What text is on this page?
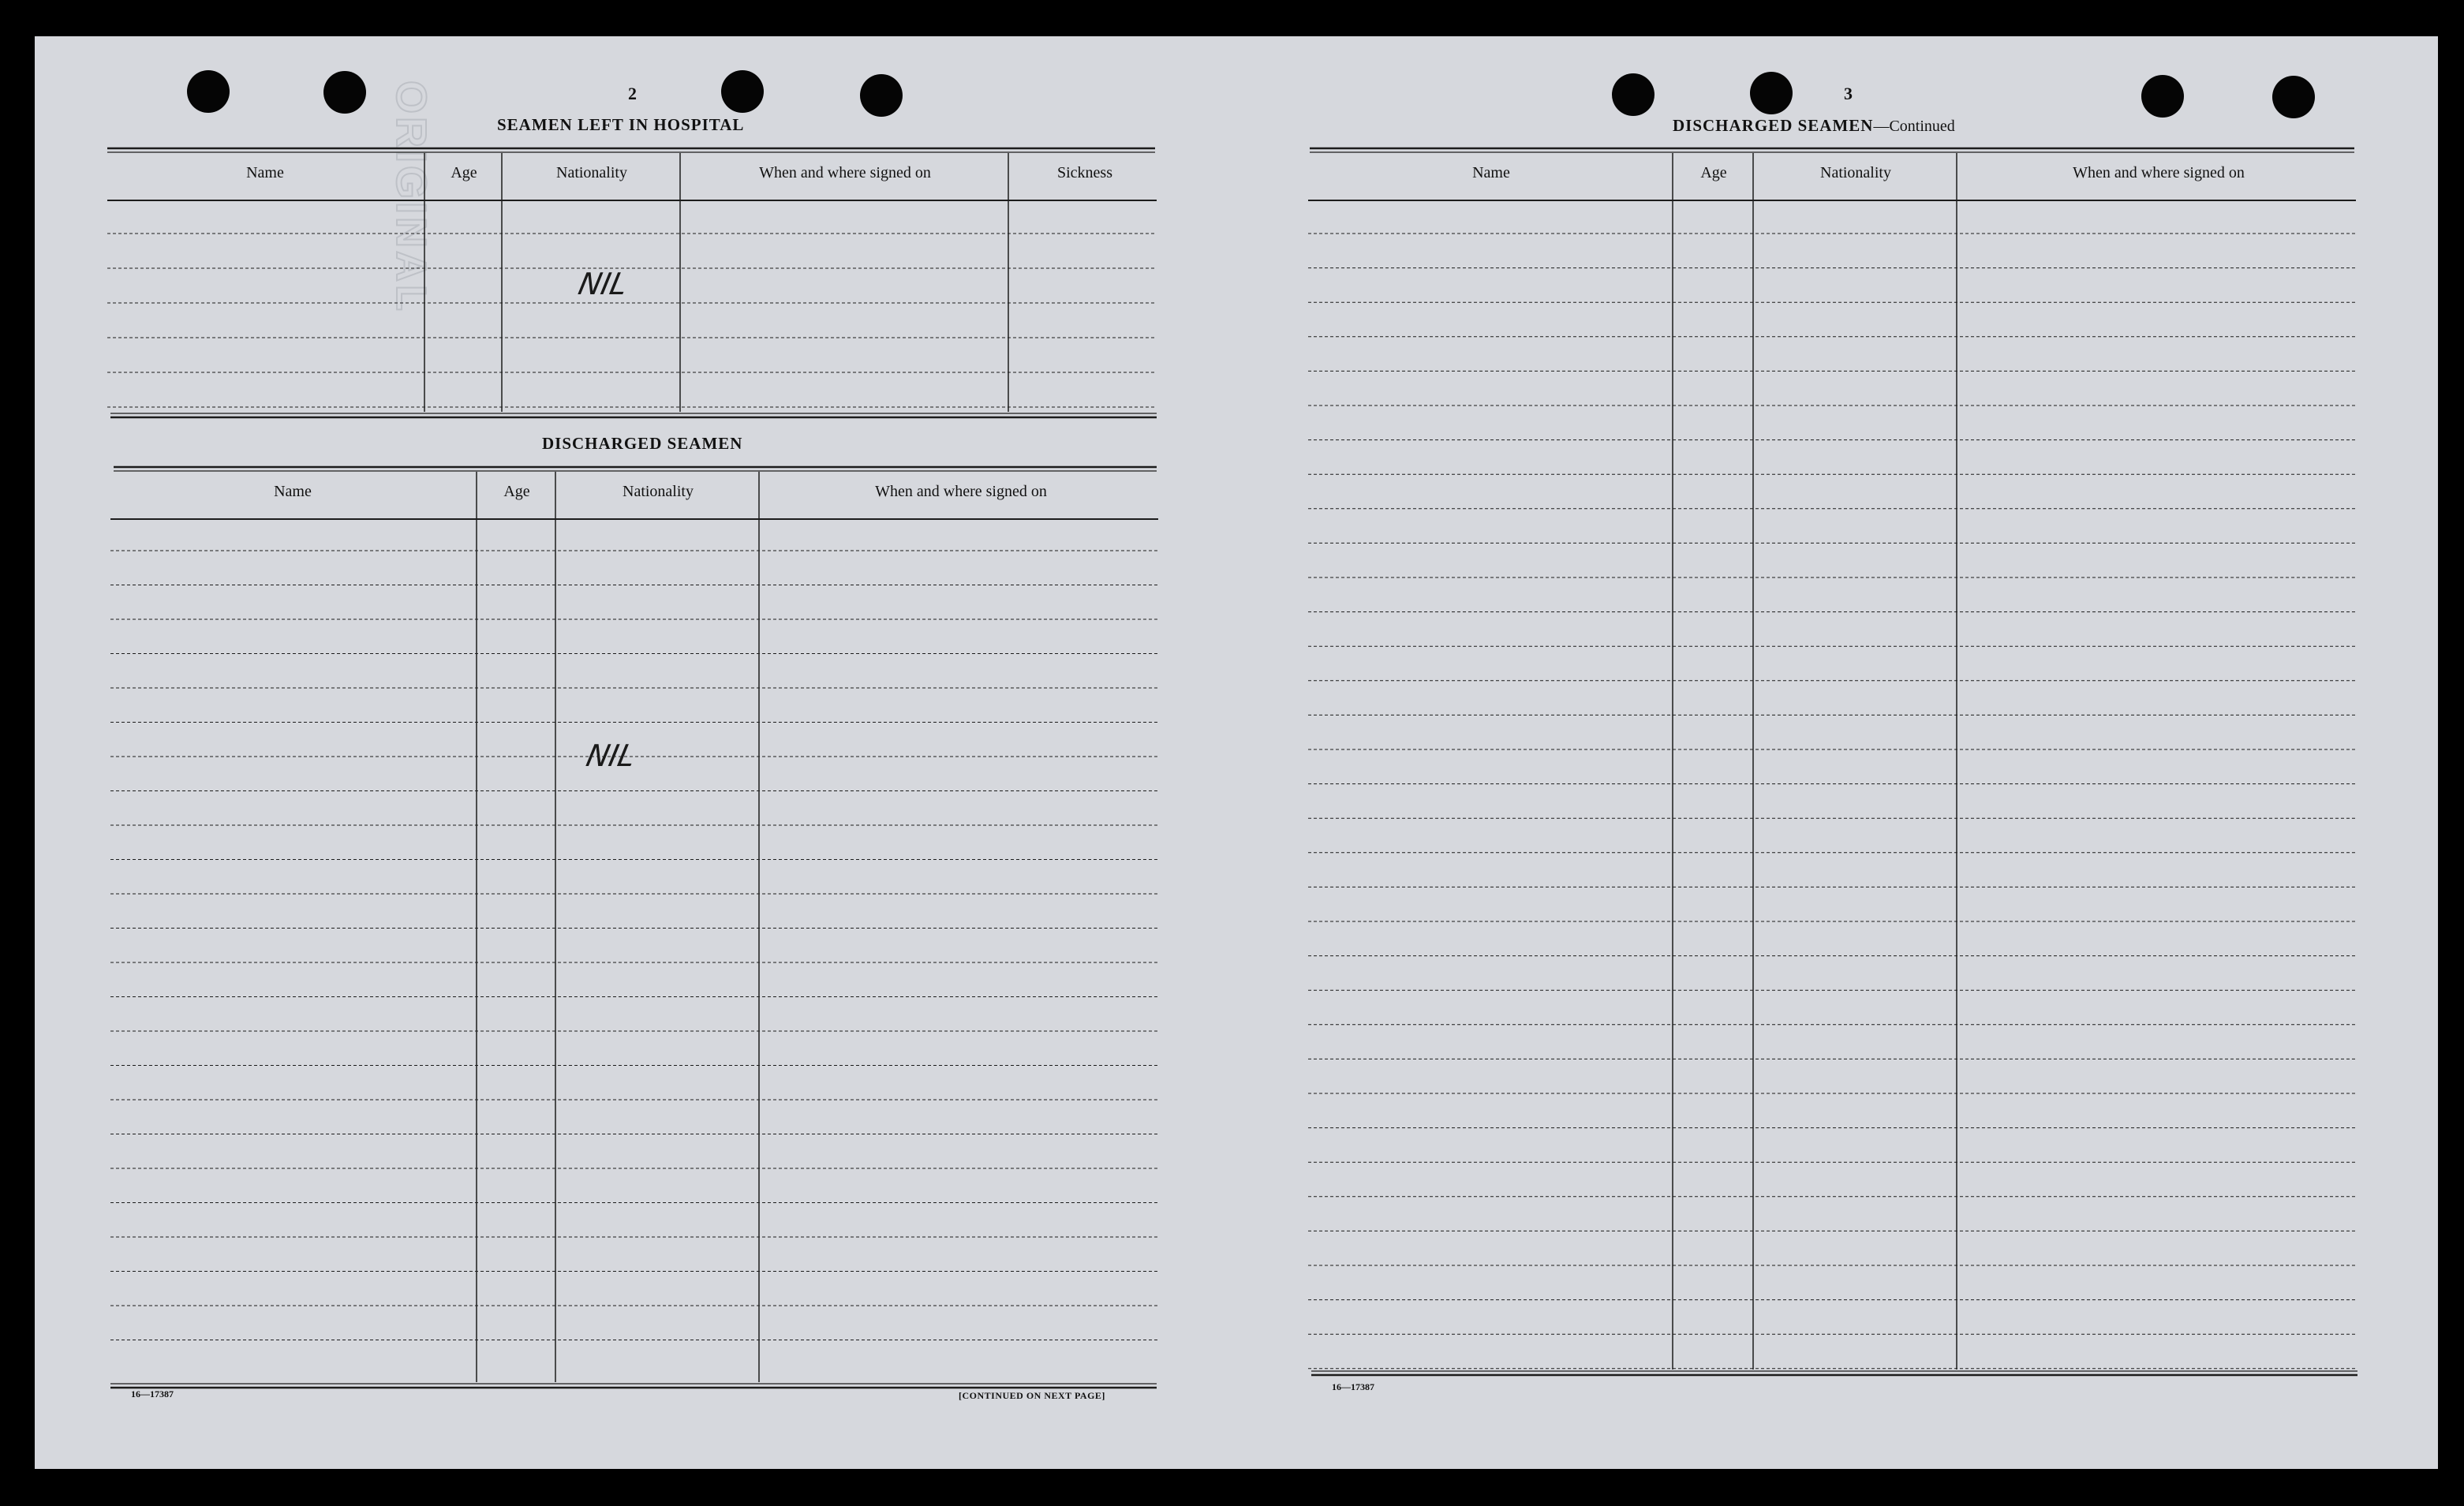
ORIGINAL	2
SEAMEN LEFT IN HOSPITAL
Name	Age	Nationality	When and where signed on	Sickness
NIL
DISCHARGED SEAMEN
Name	Age	Nationality	When and where signed on
NIL
16—17387	[CONTINUED ON NEXT PAGE]
3
DISCHARGED SEAMEN—Continued
Name	Age	Nationality	When and where signed on
16—17387
